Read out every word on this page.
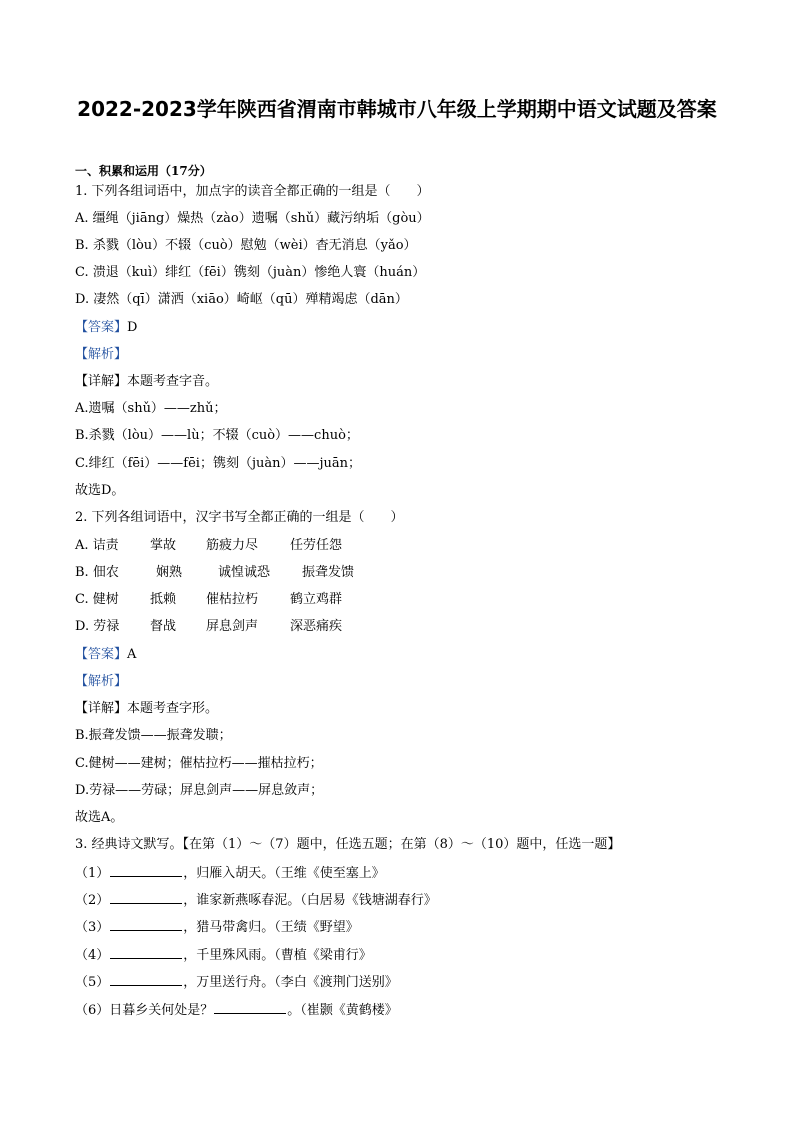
2022-2023学年陕西省渭南市韩城市八年级上学期期中语文试题及答案
一、积累和运用（17分）
1. 下列各组词语中，加点字的读音全都正确的一组是（　　）
A. 缰绳（jiāng）燥热（zào）遗嘱（shǔ）藏污纳垢（gòu）
B. 杀戮（lòu）不辍（cuò）慰勉（wèi）杳无消息（yǎo）
C. 溃退（kuì）绯红（fēi）镌刻（juàn）惨绝人寰（huán）
D. 凄然（qī）潇洒（xiāo）崎岖（qū）殚精竭虑（dān）
【答案】D
【解析】
【详解】本题考查字音。
A.遗嘱（shǔ）——zhǔ；
B.杀戮（lòu）——lù；不辍（cuò）——chuò；
C.绯红（fēi）——fēi；镌刻（juàn）——juān；
故选D。
2. 下列各组词语中，汉字书写全都正确的一组是（　　）
A. 诘责 掌故 筋疲力尽 任劳任怨
B. 佃农	娴熟	诚惶诚恐 振聋发馈
C. 健树 抵赖 催枯拉朽 鹤立鸡群
D. 劳禄 督战 屏息剑声 深恶痛疾
【答案】A
【解析】
【详解】本题考查字形。
B.振聋发馈——振聋发聩；
C.健树——建树；催枯拉朽——摧枯拉朽；
D.劳禄——劳碌；屏息剑声——屏息敛声；
故选A。
3. 经典诗文默写。【在第（1）～（7）题中，任选五题；在第（8）～（10）题中，任选一题】
（1）	，归雁入胡天。（王维《使至塞上》
（2）	，谁家新燕啄春泥。（白居易《钱塘湖春行》
（3）	，猎马带禽归。（王绩《野望》
（4）	，千里殊风雨。（曹植《梁甫行》
（5）	，万里送行舟。（李白《渡荆门送别》
（6）日暮乡关何处是？	。（崔颢《黄鹤楼》
